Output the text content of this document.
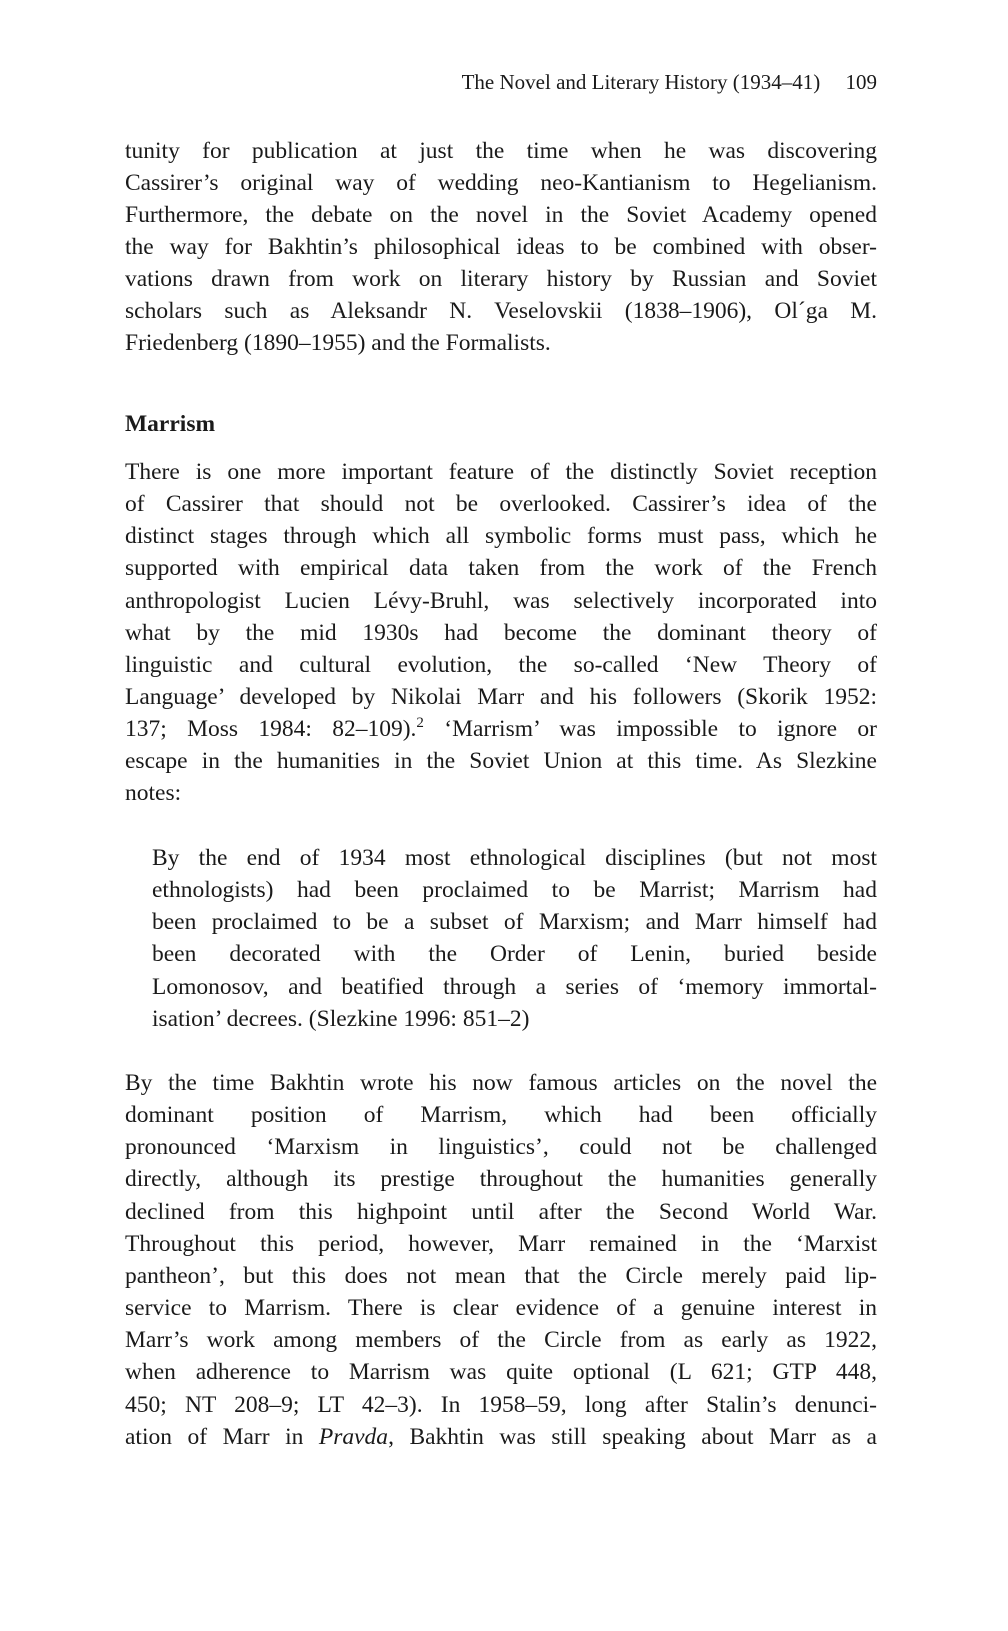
The Novel and Literary History (1934–41) 109
tunity for publication at just the time when he was discovering
Cassirer’s original way of wedding neo-Kantianism to Hegelianism.
Furthermore, the debate on the novel in the Soviet Academy opened
the way for Bakhtin’s philosophical ideas to be combined with obser-
vations drawn from work on literary history by Russian and Soviet
scholars such as Aleksandr N. Veselovskii (1838–1906), Ol´ga M.
Friedenberg (1890–1955) and the Formalists.
Marrism
There is one more important feature of the distinctly Soviet reception
of Cassirer that should not be overlooked. Cassirer’s idea of the
distinct stages through which all symbolic forms must pass, which he
supported with empirical data taken from the work of the French
anthropologist Lucien Lévy-Bruhl, was selectively incorporated into
what by the mid 1930s had become the dominant theory of
linguistic and cultural evolution, the so-called ‘New Theory of
Language’ developed by Nikolai Marr and his followers (Skorik 1952:
137; Moss 1984: 82–109).$^2$ ‘Marrism’ was impossible to ignore or
escape in the humanities in the Soviet Union at this time. As Slezkine
notes:
By the end of 1934 most ethnological disciplines (but not most
ethnologists) had been proclaimed to be Marrist; Marrism had
been proclaimed to be a subset of Marxism; and Marr himself had
been decorated with the Order of Lenin, buried beside
Lomonosov, and beatified through a series of ‘memory immortal-
isation’ decrees. (Slezkine 1996: 851–2)
By the time Bakhtin wrote his now famous articles on the novel the
dominant position of Marrism, which had been officially
pronounced ‘Marxism in linguistics’, could not be challenged
directly, although its prestige throughout the humanities generally
declined from this highpoint until after the Second World War.
Throughout this period, however, Marr remained in the ‘Marxist
pantheon’, but this does not mean that the Circle merely paid lip-
service to Marrism. There is clear evidence of a genuine interest in
Marr’s work among members of the Circle from as early as 1922,
when adherence to Marrism was quite optional (L 621; GTP 448,
450; NT 208–9; LT 42–3). In 1958–59, long after Stalin’s denunci-
ation of Marr in Pravda, Bakhtin was still speaking about Marr as a
